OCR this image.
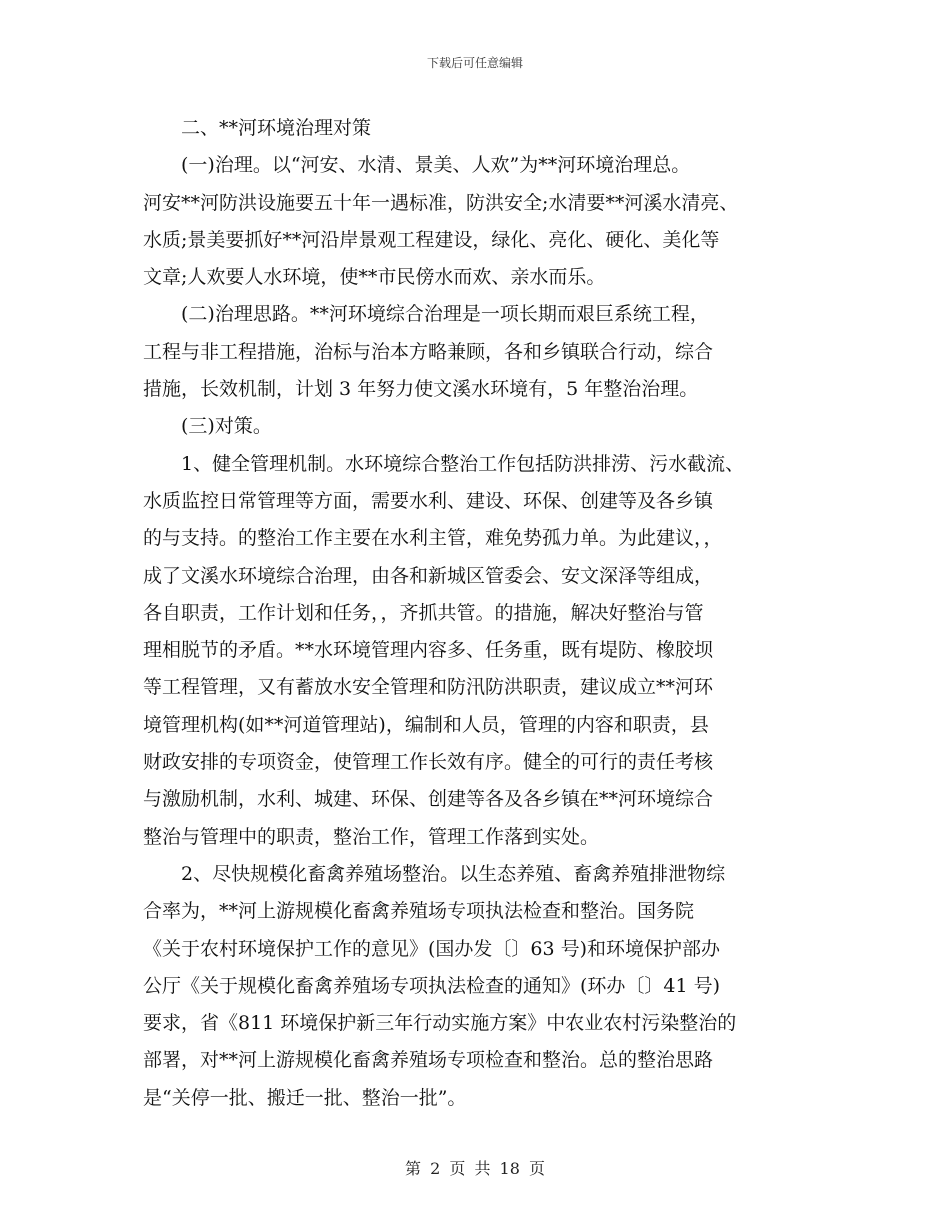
下载后可任意编辑
二、**河环境治理对策
(一)治理。以“河安、水清、景美、人欢”为**河环境治理总。
河安**河防洪设施要五十年一遇标准，防洪安全;水清要**河溪水清亮、
水质;景美要抓好**河沿岸景观工程建设，绿化、亮化、硬化、美化等
文章;人欢要人水环境，使**市民傍水而欢、亲水而乐。
(二)治理思路。**河环境综合治理是一项长期而艰巨系统工程，
工程与非工程措施，治标与治本方略兼顾，各和乡镇联合行动，综合
措施，长效机制，计划 3 年努力使文溪水环境有，5 年整治治理。
(三)对策。
1、健全管理机制。水环境综合整治工作包括防洪排涝、污水截流、
水质监控日常管理等方面，需要水利、建设、环保、创建等及各乡镇
的与支持。的整治工作主要在水利主管，难免势孤力单。为此建议，，
成了文溪水环境综合治理，由各和新城区管委会、安文深泽等组成，
各自职责，工作计划和任务，，齐抓共管。的措施，解决好整治与管
理相脱节的矛盾。**水环境管理内容多、任务重，既有堤防、橡胶坝
等工程管理，又有蓄放水安全管理和防汛防洪职责，建议成立**河环
境管理机构(如**河道管理站)，编制和人员，管理的内容和职责，县
财政安排的专项资金，使管理工作长效有序。健全的可行的责任考核
与激励机制，水利、城建、环保、创建等各及各乡镇在**河环境综合
整治与管理中的职责，整治工作，管理工作落到实处。
2、尽快规模化畜禽养殖场整治。以生态养殖、畜禽养殖排泄物综
合率为，**河上游规模化畜禽养殖场专项执法检查和整治。国务院
《关于农村环境保护工作的意见》(国办发〔〕63 号)和环境保护部办
公厅《关于规模化畜禽养殖场专项执法检查的通知》(环办〔〕41 号)
要求，省《811 环境保护新三年行动实施方案》中农业农村污染整治的
部署，对**河上游规模化畜禽养殖场专项检查和整治。总的整治思路
是“关停一批、搬迁一批、整治一批”。
第 2 页 共 18 页
